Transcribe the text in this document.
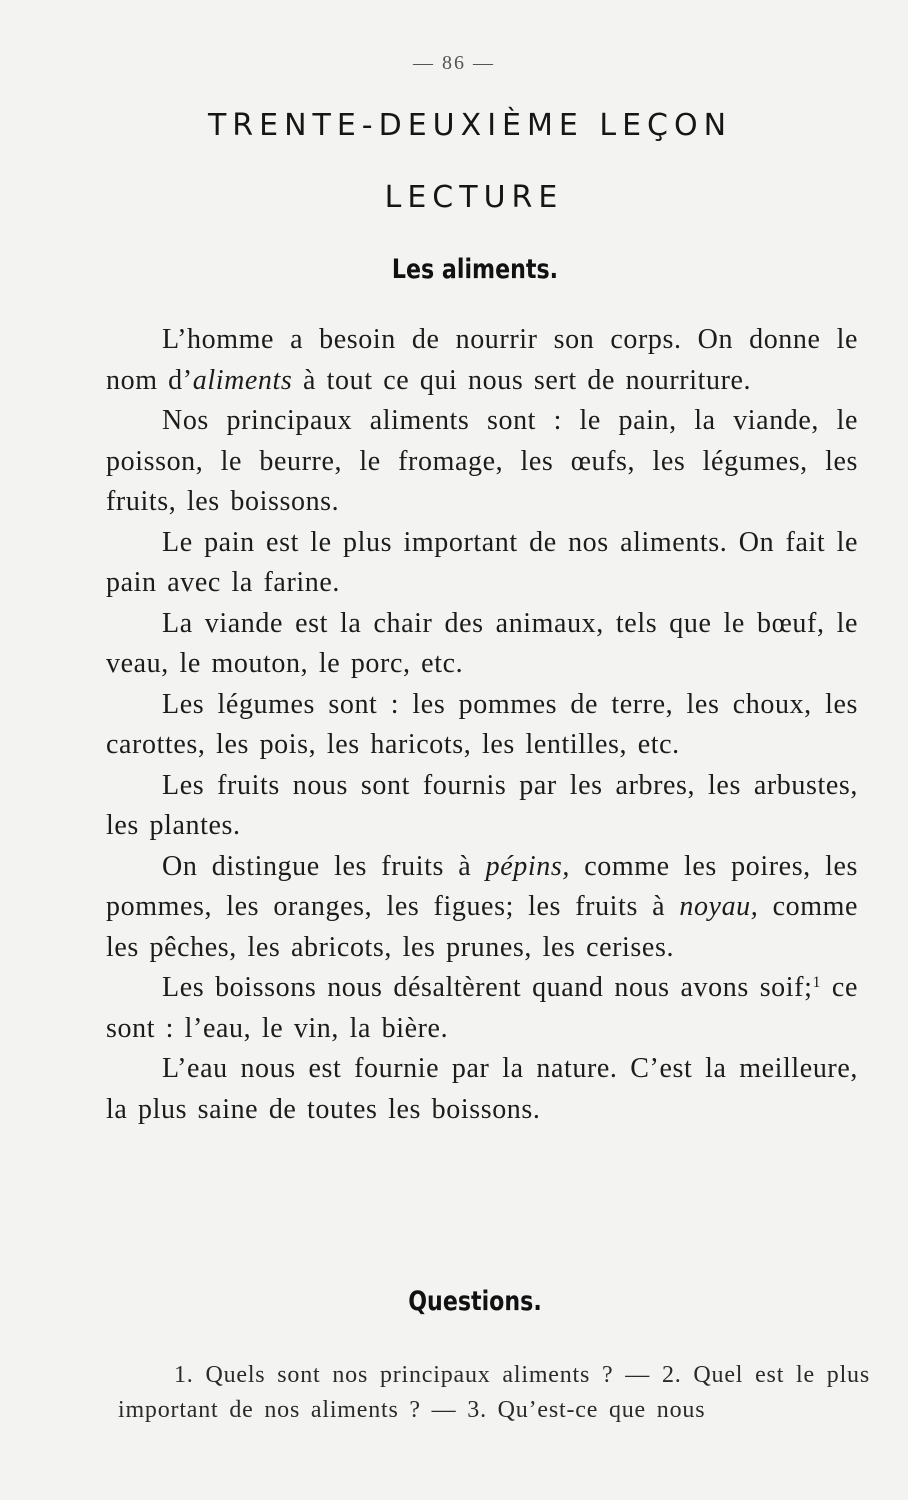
— 86 —
TRENTE-DEUXIÈME LEÇON
LECTURE
Les aliments.

L’homme a besoin de nourrir son corps. On donne le nom d’aliments à tout ce qui nous sert de nourriture.

Nos principaux aliments sont : le pain, la viande, le poisson, le beurre, le fromage, les œufs, les légumes, les fruits, les boissons.

Le pain est le plus important de nos aliments. On fait le pain avec la farine.

La viande est la chair des animaux, tels que le bœuf, le veau, le mouton, le porc, etc.

Les légumes sont : les pommes de terre, les choux, les carottes, les pois, les haricots, les lentilles, etc.

Les fruits nous sont fournis par les arbres, les arbustes, les plantes.

On distingue les fruits à pépins, comme les poires, les pommes, les oranges, les figues; les fruits à noyau, comme les pêches, les abricots, les prunes, les cerises.

Les boissons nous désaltèrent quand nous avons soif;$^1$ ce sont : l’eau, le vin, la bière.

L’eau nous est fournie par la nature. C’est la meilleure, la plus saine de toutes les boissons.

Questions.

1. Quels sont nos principaux aliments ? — 2. Quel est le plus important de nos aliments ? — 3. Qu’est-ce que nous
